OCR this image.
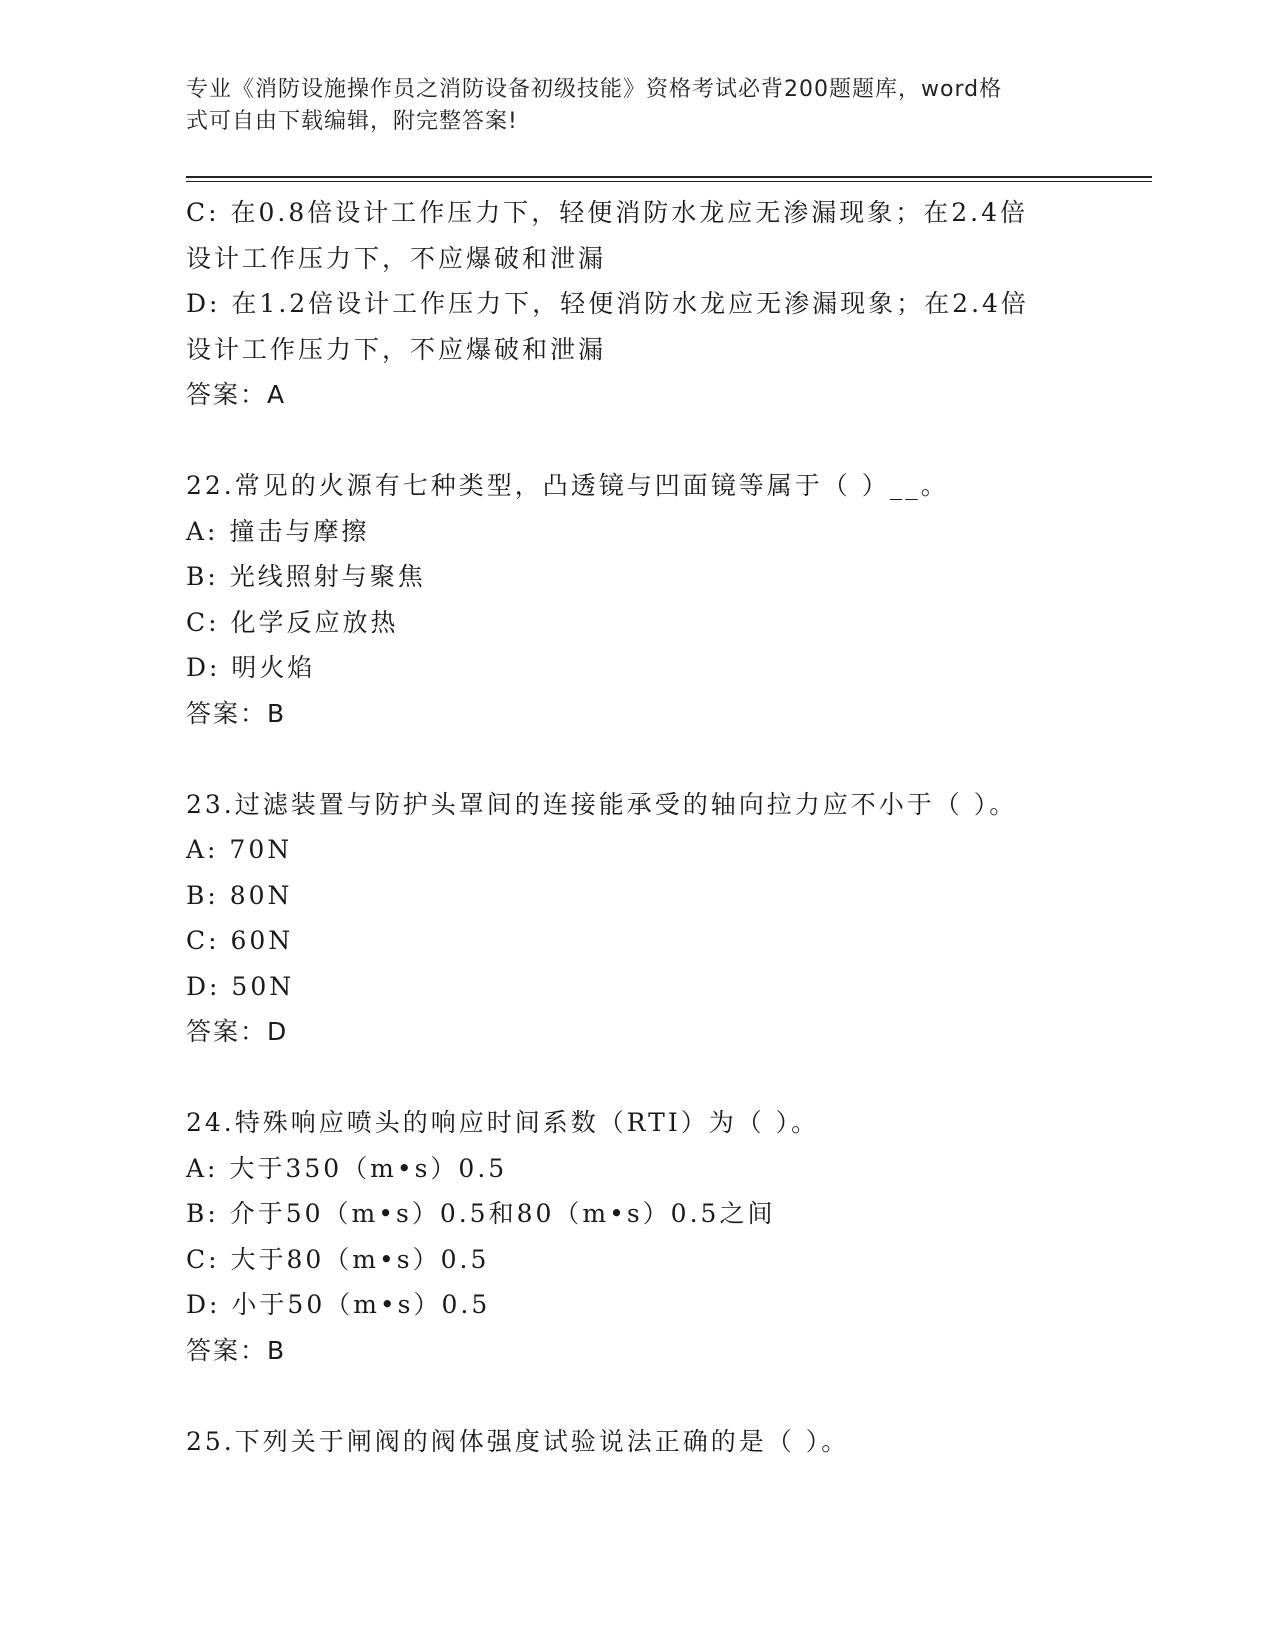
专业《消防设施操作员之消防设备初级技能》资格考试必背200题题库，word格
式可自由下载编辑，附完整答案!
C: 在0.8倍设计工作压力下，轻便消防水龙应无渗漏现象；在2.4倍
设计工作压力下，不应爆破和泄漏
D: 在1.2倍设计工作压力下，轻便消防水龙应无渗漏现象；在2.4倍
设计工作压力下，不应爆破和泄漏
答案：A
22.常见的火源有七种类型，凸透镜与凹面镜等属于（ ）__。
A: 撞击与摩擦
B: 光线照射与聚焦
C: 化学反应放热
D: 明火焰
答案：B
23.过滤装置与防护头罩间的连接能承受的轴向拉力应不小于（ ）。
A: 70N
B: 80N
C: 60N
D: 50N
答案：D
24.特殊响应喷头的响应时间系数（RTI）为（ ）。
A: 大于350（m•s）0.5
B: 介于50（m•s）0.5和80（m•s）0.5之间
C: 大于80（m•s）0.5
D: 小于50（m•s）0.5
答案：B
25.下列关于闸阀的阀体强度试验说法正确的是（ ）。
